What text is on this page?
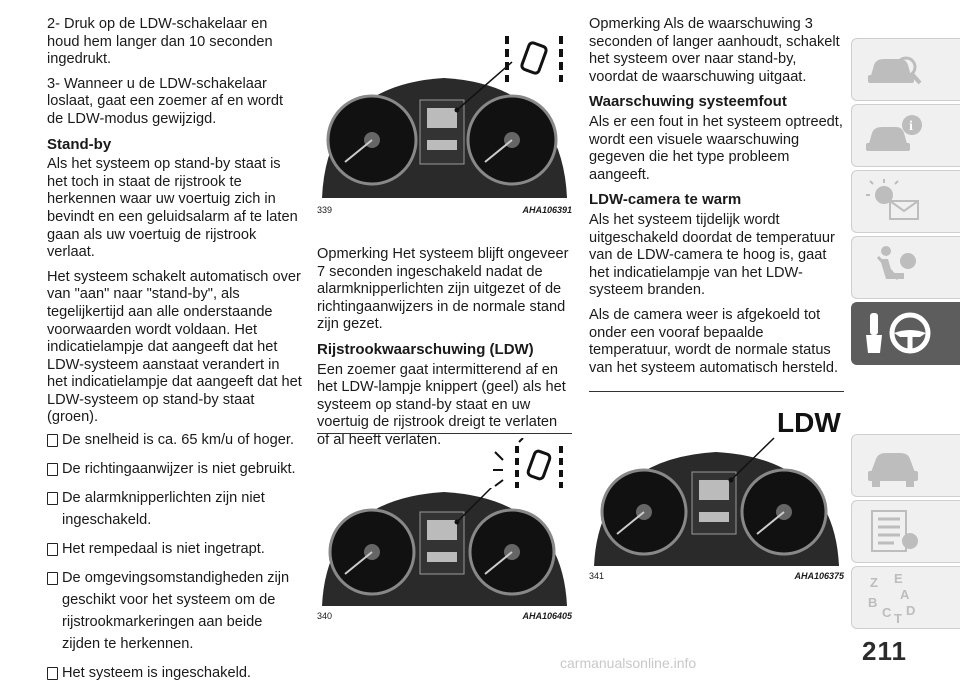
2- Druk op de LDW-schakelaar en houd hem langer dan 10 seconden ingedrukt.

3- Wanneer u de LDW-schakelaar loslaat, gaat een zoemer af en wordt de LDW-modus gewijzigd.

Stand-by

Als het systeem op stand-by staat is het toch in staat de rijstrook te herkennen waar uw voertuig zich in bevindt en een geluidsalarm af te laten gaan als uw voertuig de rijstrook verlaat.

Het systeem schakelt automatisch over van "aan" naar "stand-by", als tegelijkertijd aan alle onderstaande voorwaarden wordt voldaan. Het indicatielampje dat aangeeft dat het LDW-systeem aanstaat verandert in het indicatielampje dat aangeeft dat het LDW-systeem op stand-by staat (groen).

De snelheid is ca. 65 km/u of hoger.
De richtingaanwijzer is niet gebruikt.
De alarmknipperlichten zijn niet ingeschakeld.
Het rempedaal is niet ingetrapt.
De omgevingsomstandigheden zijn geschikt voor het systeem om de rijstrookmarkeringen aan beide zijden te herkennen.
Het systeem is ingeschakeld.
339	AHA106391

Opmerking Het systeem blijft ongeveer 7 seconden ingeschakeld nadat de alarmknipperlichten zijn uitgezet of de richtingaanwijzers in de normale stand zijn gezet.

Rijstrookwaarschuwing (LDW)

Een zoemer gaat intermitterend af en het LDW-lampje knippert (geel) als het systeem op stand-by staat en uw voertuig de rijstrook dreigt te verlaten of al heeft verlaten.

340	AHA106405

Opmerking Als de waarschuwing 3 seconden of langer aanhoudt, schakelt het systeem over naar stand-by, voordat de waarschuwing uitgaat.

Waarschuwing systeemfout

Als er een fout in het systeem optreedt, wordt een visuele waarschuwing gegeven die het type probleem aangeeft.

LDW-camera te warm

Als het systeem tijdelijk wordt uitgeschakeld doordat de temperatuur van de LDW-camera te hoog is, gaat het indicatielampje van het LDW-systeem branden.

Als de camera weer is afgekoeld tot onder een vooraf bepaalde temperatuur, wordt de normale status van het systeem automatisch hersteld.

LDW
341	AHA106375
i
Z E
A
B
C D
T
211
carmanualsonline.info
